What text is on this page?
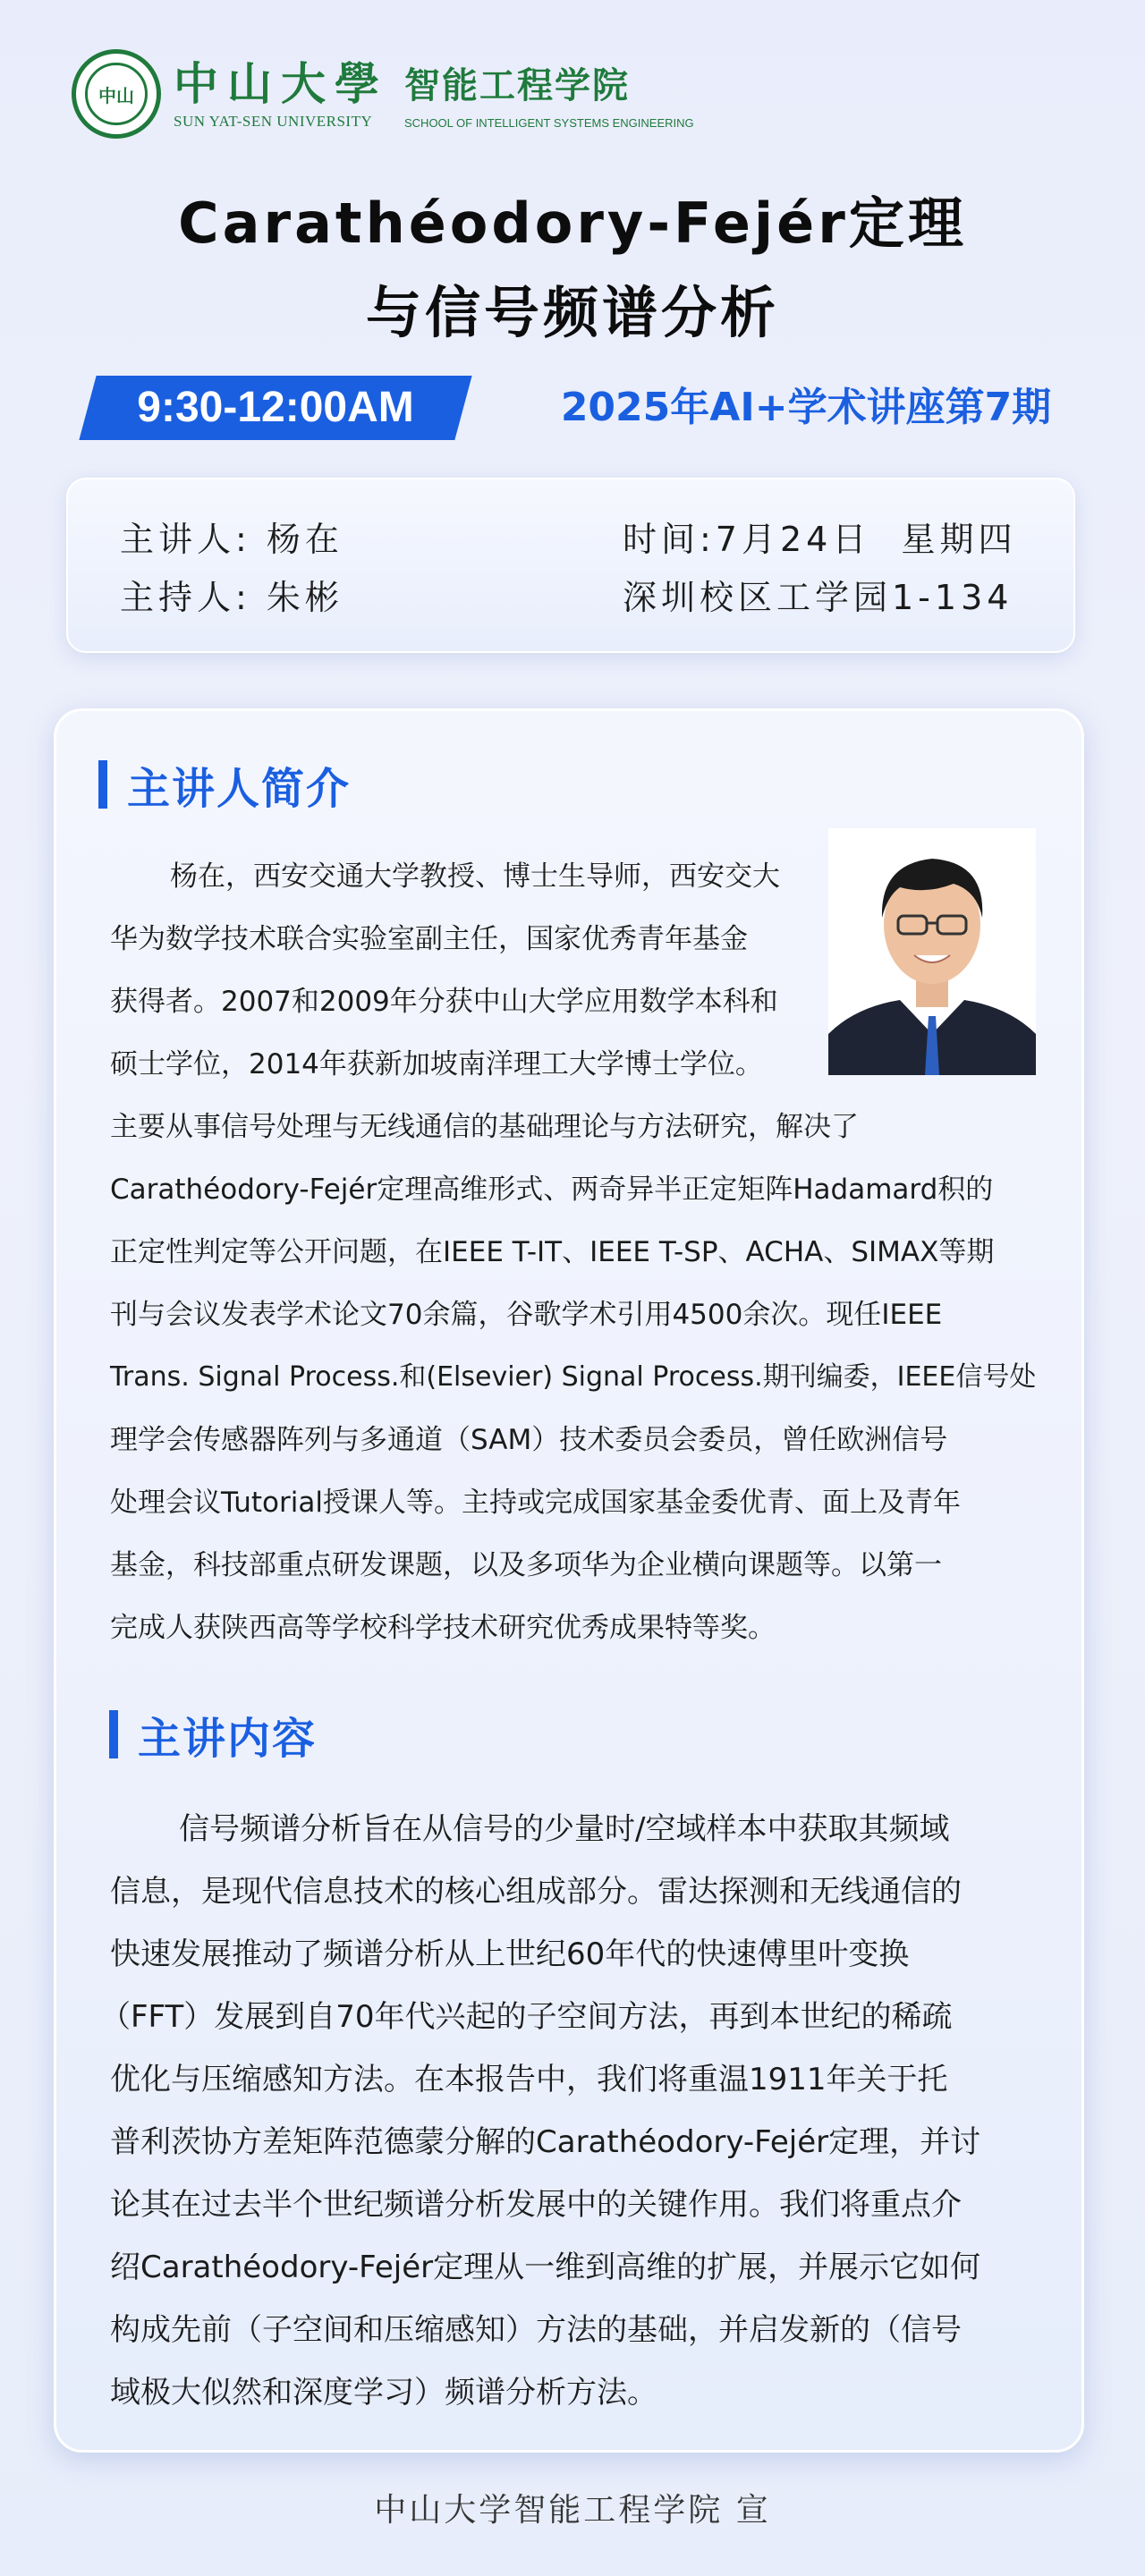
中山 中山大學
SUN YAT-SEN UNIVERSITY
智能工程学院
SCHOOL OF INTELLIGENT SYSTEMS ENGINEERING
Carathéodory-Fejér定理
与信号频谱分析
9:30-12:00AM	2025年AI+学术讲座第7期
主讲人: 杨在
主持人: 朱彬
时间:7月24日  星期四
深圳校区工学园1-134
主讲人简介
杨在，西安交通大学教授、博士生导师，西安交大
华为数学技术联合实验室副主任，国家优秀青年基金
获得者。2007和2009年分获中山大学应用数学本科和
硕士学位，2014年获新加坡南洋理工大学博士学位。
主要从事信号处理与无线通信的基础理论与方法研究，解决了
Carathéodory-Fejér定理高维形式、两奇异半正定矩阵Hadamard积的
正定性判定等公开问题，在IEEE T-IT、IEEE T-SP、ACHA、SIMAX等期
刊与会议发表学术论文70余篇，谷歌学术引用4500余次。现任IEEE
Trans. Signal Process.和(Elsevier) Signal Process.期刊编委，IEEE信号处
理学会传感器阵列与多通道（SAM）技术委员会委员，曾任欧洲信号
处理会议Tutorial授课人等。主持或完成国家基金委优青、面上及青年
基金，科技部重点研发课题，以及多项华为企业横向课题等。以第一
完成人获陕西高等学校科学技术研究优秀成果特等奖。
主讲内容
信号频谱分析旨在从信号的少量时/空域样本中获取其频域
信息，是现代信息技术的核心组成部分。雷达探测和无线通信的
快速发展推动了频谱分析从上世纪60年代的快速傅里叶变换
（FFT）发展到自70年代兴起的子空间方法，再到本世纪的稀疏
优化与压缩感知方法。在本报告中，我们将重温1911年关于托
普利茨协方差矩阵范德蒙分解的Carathéodory-Fejér定理，并讨
论其在过去半个世纪频谱分析发展中的关键作用。我们将重点介
绍Carathéodory-Fejér定理从一维到高维的扩展，并展示它如何
构成先前（子空间和压缩感知）方法的基础，并启发新的（信号
域极大似然和深度学习）频谱分析方法。
中山大学智能工程学院 宣
